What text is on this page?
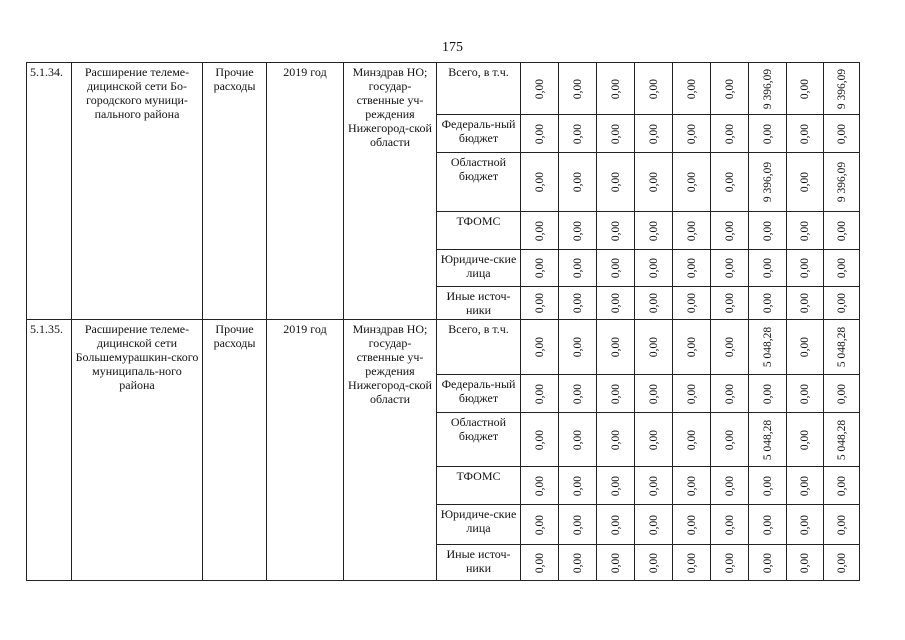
175
5.1.34.	Расширение телеме-дицинской сети Бо-городского муници-пального района	Прочие расходы	2019 год	Минздрав НО; государ-ственные уч-реждения Нижегород-ской области	Всего, в т.ч.	0,00	0,00	0,00	0,00	0,00	0,00	9 396,09	0,00	9 396,09

					Федераль-ный бюджет	0,00	0,00	0,00	0,00	0,00	0,00	0,00	0,00	0,00

					Областной бюджет	0,00	0,00	0,00	0,00	0,00	0,00	9 396,09	0,00	9 396,09

					ТФОМС	0,00	0,00	0,00	0,00	0,00	0,00	0,00	0,00	0,00

					Юридиче-ские лица	0,00	0,00	0,00	0,00	0,00	0,00	0,00	0,00	0,00

					Иные источ-ники	0,00	0,00	0,00	0,00	0,00	0,00	0,00	0,00	0,00

5.1.35.	Расширение телеме-дицинской сети Большемурашкин-ского муниципаль-ного района	Прочие расходы	2019 год	Минздрав НО; государ-ственные уч-реждения Нижегород-ской области	Всего, в т.ч.	0,00	0,00	0,00	0,00	0,00	0,00	5 048,28	0,00	5 048,28

					Федераль-ный бюджет	0,00	0,00	0,00	0,00	0,00	0,00	0,00	0,00	0,00

					Областной бюджет	0,00	0,00	0,00	0,00	0,00	0,00	5 048,28	0,00	5 048,28

					ТФОМС	0,00	0,00	0,00	0,00	0,00	0,00	0,00	0,00	0,00

					Юридиче-ские лица	0,00	0,00	0,00	0,00	0,00	0,00	0,00	0,00	0,00

					Иные источ-ники	0,00	0,00	0,00	0,00	0,00	0,00	0,00	0,00	0,00
